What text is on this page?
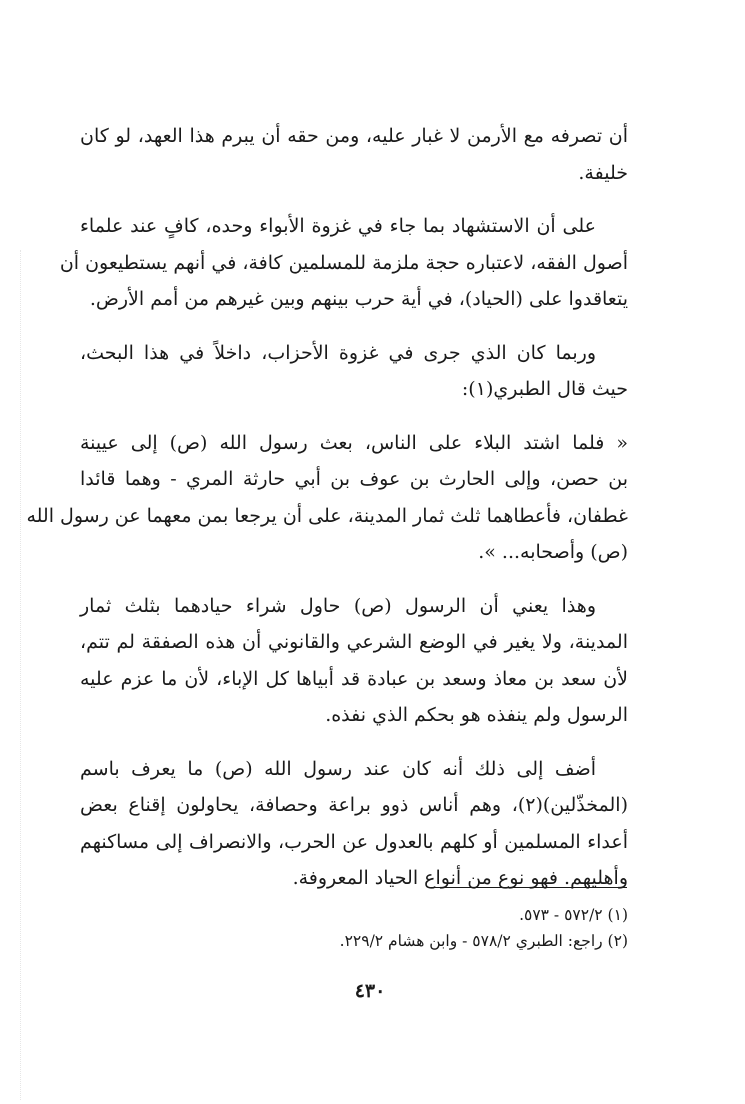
أن تصرفه مع الأرمن لا غبار عليه، ومن حقه أن يبرم هذا العهد، لو كان
خليفة.
على أن الاستشهاد بما جاء في غزوة الأبواء وحده، كافٍ عند علماء
أصول الفقه، لاعتباره حجة ملزمة للمسلمين كافة، في أنهم يستطيعون أن
يتعاقدوا على (الحياد)، في أية حرب بينهم وبين غيرهم من أمم الأرض.
وربما كان الذي جرى في غزوة الأحزاب، داخلاً في هذا البحث،
حيث قال الطبري(١):
« فلما اشتد البلاء على الناس، بعث رسول الله (ص) إلى عيينة
بن حصن، وإلى الحارث بن عوف بن أبي حارثة المري - وهما قائدا
غطفان، فأعطاهما ثلث ثمار المدينة، على أن يرجعا بمن معهما عن رسول الله
(ص) وأصحابه... ».
وهذا يعني أن الرسول (ص) حاول شراء حيادهما بثلث ثمار
المدينة، ولا يغير في الوضع الشرعي والقانوني أن هذه الصفقة لم تتم،
لأن سعد بن معاذ وسعد بن عبادة قد أبياها كل الإباء، لأن ما عزم عليه
الرسول ولم ينفذه هو بحكم الذي نفذه.
أضف إلى ذلك أنه كان عند رسول الله (ص) ما يعرف باسم
(المخذّلين)(٢)، وهم أناس ذوو براعة وحصافة، يحاولون إقناع بعض
أعداء المسلمين أو كلهم بالعدول عن الحرب، والانصراف إلى مساكنهم
وأهليهم. فهو نوع من أنواع الحياد المعروفة.
(١) ٥٧٢/٢ - ٥٧٣.
(٢) راجع: الطبري ٥٧٨/٢ - وابن هشام ٢٢٩/٢.
٤٣٠
